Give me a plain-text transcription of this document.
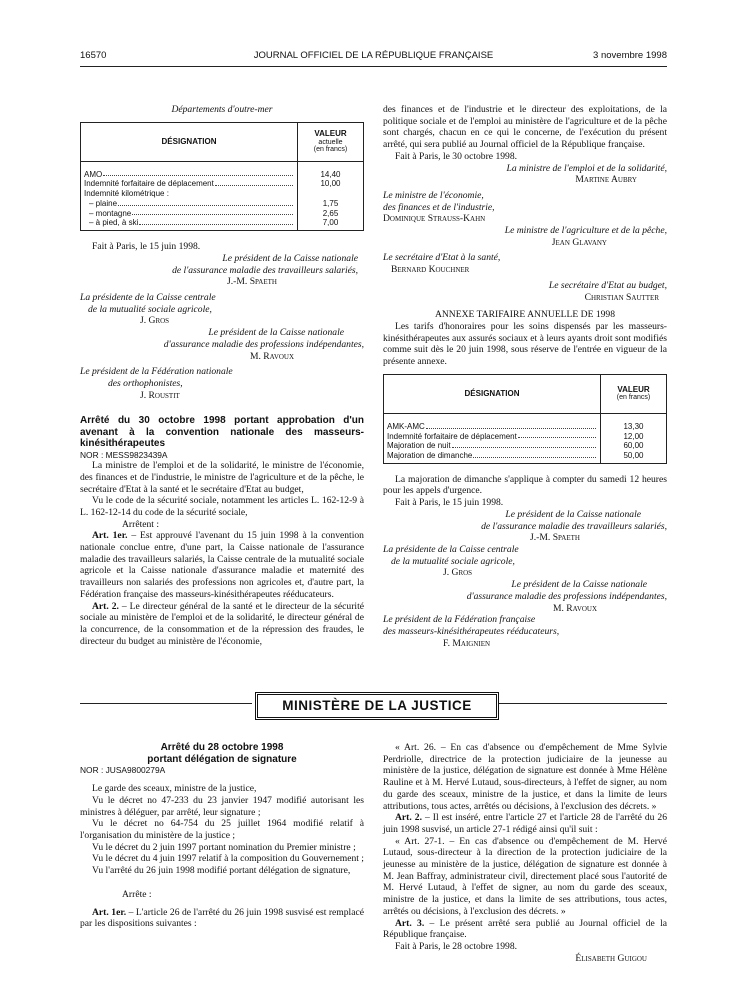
16570	JOURNAL OFFICIEL DE LA RÉPUBLIQUE FRANÇAISE	3 novembre 1998

Départements d'outre-mer

DÉSIGNATION	VALEUR
actuelle
(en francs)

AMO	14,40

Indemnité forfaitaire de déplacement	10,00
Indemnité kilométrique :	

– plaine	1,75

– montagne	2,65

– à pied, à ski	7,00

Fait à Paris, le 15 juin 1998.

Le président de la Caisse nationale

de l'assurance maladie des travailleurs salariés,

J.-M. Spaeth

La présidente de la Caisse centrale

de la mutualité sociale agricole,

J. Gros

Le président de la Caisse nationale

d'assurance maladie des professions indépendantes,

M. Ravoux

Le président de la Fédération nationale

des orthophonistes,

J. Roustit

Arrêté du 30 octobre 1998 portant approbation d'un avenant à la convention nationale des masseurs-kinésithérapeutes

NOR : MESS9823439A

La ministre de l'emploi et de la solidarité, le ministre de l'économie, des finances et de l'industrie, le ministre de l'agriculture et de la pêche, le secrétaire d'Etat à la santé et le secrétaire d'Etat au budget,

Vu le code de la sécurité sociale, notamment les articles L. 162-12-9 à L. 162-12-14 du code de la sécurité sociale,

Arrêtent :

Art. 1er. – Est approuvé l'avenant du 15 juin 1998 à la convention nationale conclue entre, d'une part, la Caisse nationale de l'assurance maladie des travailleurs salariés, la Caisse centrale de la mutualité sociale agricole et la Caisse nationale d'assurance maladie et maternité des travailleurs non salariés des professions non agricoles et, d'autre part, la Fédération française des masseurs-kinésithérapeutes rééducateurs.

Art. 2. – Le directeur général de la santé et le directeur de la sécurité sociale au ministère de l'emploi et de la solidarité, le directeur général de la concurrence, de la consommation et de la répression des fraudes, le directeur du budget au ministère de l'économie,

des finances et de l'industrie et le directeur des exploitations, de la politique sociale et de l'emploi au ministère de l'agriculture et de la pêche sont chargés, chacun en ce qui le concerne, de l'exécution du présent arrêté, qui sera publié au Journal officiel de la République française.

Fait à Paris, le 30 octobre 1998.

La ministre de l'emploi et de la solidarité,

Martine Aubry

Le ministre de l'économie,

des finances et de l'industrie,

Dominique Strauss-Kahn

Le ministre de l'agriculture et de la pêche,

Jean Glavany

Le secrétaire d'Etat à la santé,

Bernard Kouchner

Le secrétaire d'Etat au budget,

Christian Sautter

ANNEXE TARIFAIRE ANNUELLE DE 1998

Les tarifs d'honoraires pour les soins dispensés par les masseurs-kinésithérapeutes aux assurés sociaux et à leurs ayants droit sont modifiés comme suit dès le 20 juin 1998, sous réserve de l'entrée en vigueur de la présente annexe.

DÉSIGNATION	VALEUR
(en francs)

AMK-AMC	13,30

Indemnité forfaitaire de déplacement	12,00

Majoration de nuit	60,00

Majoration de dimanche	50,00

La majoration de dimanche s'applique à compter du samedi 12 heures pour les appels d'urgence.

Fait à Paris, le 15 juin 1998.

Le président de la Caisse nationale

de l'assurance maladie des travailleurs salariés,

J.-M. Spaeth

La présidente de la Caisse centrale

de la mutualité sociale agricole,

J. Gros

Le président de la Caisse nationale

d'assurance maladie des professions indépendantes,

M. Ravoux

Le président de la Fédération française

des masseurs-kinésithérapeutes rééducateurs,

F. Maignien

MINISTÈRE DE LA JUSTICE

Arrêté du 28 octobre 1998

portant délégation de signature

NOR : JUSA9800279A

Le garde des sceaux, ministre de la justice,

Vu le décret no 47-233 du 23 janvier 1947 modifié autorisant les ministres à déléguer, par arrêté, leur signature ;

Vu le décret no 64-754 du 25 juillet 1964 modifié relatif à l'organisation du ministère de la justice ;

Vu le décret du 2 juin 1997 portant nomination du Premier ministre ;

Vu le décret du 4 juin 1997 relatif à la composition du Gouvernement ;

Vu l'arrêté du 26 juin 1998 modifié portant délégation de signature,

Arrête :

Art. 1er. – L'article 26 de l'arrêté du 26 juin 1998 susvisé est remplacé par les dispositions suivantes :

« Art. 26. – En cas d'absence ou d'empêchement de Mme Sylvie Perdriolle, directrice de la protection judiciaire de la jeunesse au ministère de la justice, délégation de signature est donnée à Mme Hélène Rauline et à M. Hervé Lutaud, sous-directeurs, à l'effet de signer, au nom du garde des sceaux, ministre de la justice, et dans la limite de leurs attributions, tous actes, arrêtés ou décisions, à l'exclusion des décrets. »

Art. 2. – Il est inséré, entre l'article 27 et l'article 28 de l'arrêté du 26 juin 1998 susvisé, un article 27-1 rédigé ainsi qu'il suit :

« Art. 27-1. – En cas d'absence ou d'empêchement de M. Hervé Lutaud, sous-directeur à la direction de la protection judiciaire de la jeunesse au ministère de la justice, délégation de signature est donnée à M. Jean Baffray, administrateur civil, directement placé sous l'autorité de M. Hervé Lutaud, à l'effet de signer, au nom du garde des sceaux, ministre de la justice, et dans la limite de ses attributions, tous actes, arrêtés ou décisions, à l'exclusion des décrets. »

Art. 3. – Le présent arrêté sera publié au Journal officiel de la République française.

Fait à Paris, le 28 octobre 1998.

Élisabeth Guigou
